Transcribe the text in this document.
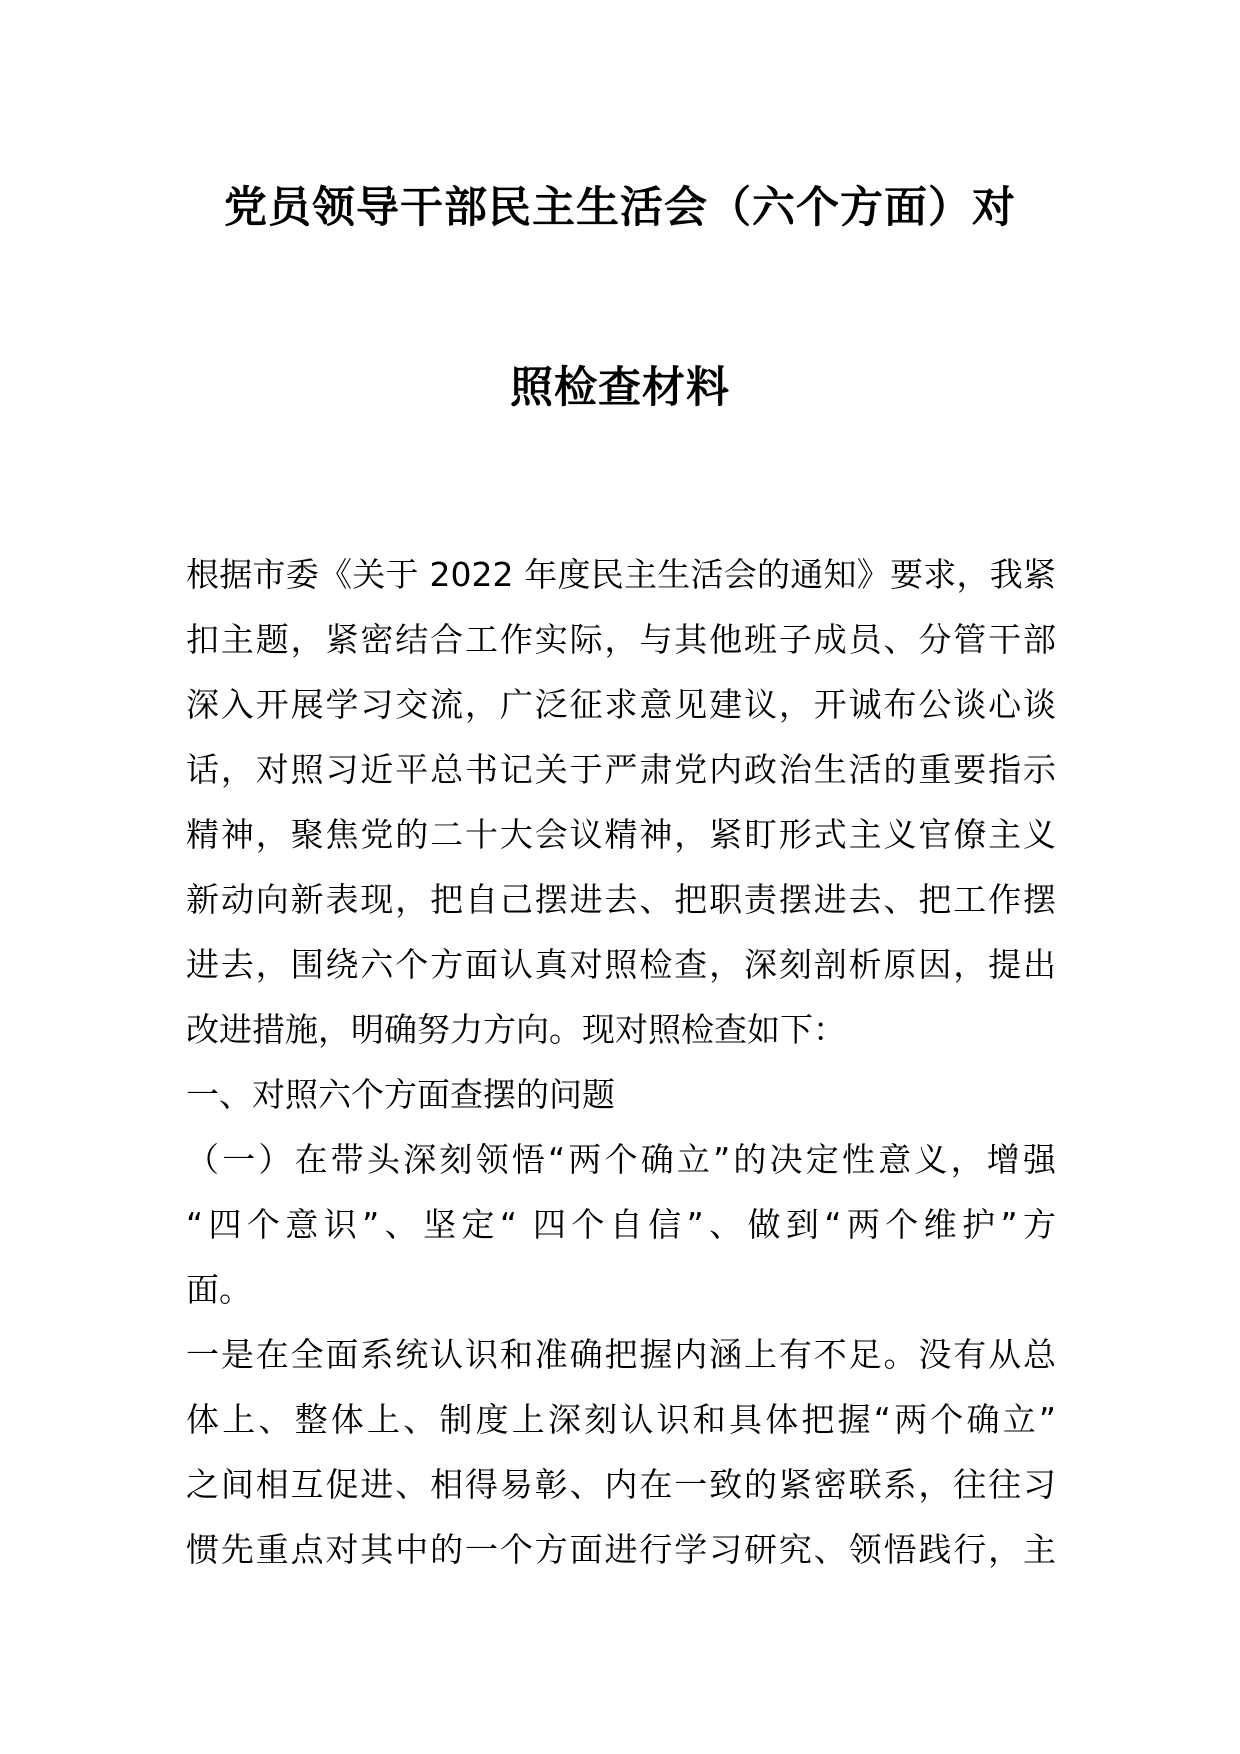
党员领导干部民主生活会（六个方面）对
照检查材料
根据市委《关于 2022 年度民主生活会的通知》要求，我紧
扣主题，紧密结合工作实际，与其他班子成员、分管干部
深入开展学习交流，广泛征求意见建议，开诚布公谈心谈
话，对照习近平总书记关于严肃党内政治生活的重要指示
精神，聚焦党的二十大会议精神，紧盯形式主义官僚主义
新动向新表现，把自己摆进去、把职责摆进去、把工作摆
进去，围绕六个方面认真对照检查，深刻剖析原因，提出
改进措施，明确努力方向。现对照检查如下：
一、对照六个方面查摆的问题
（一）在带头深刻领悟“两个确立”的决定性意义，增强
“四个意识”、坚定“ 四个自信”、做到“两个维护”方
面。
一是在全面系统认识和准确把握内涵上有不足。没有从总
体上、整体上、制度上深刻认识和具体把握“两个确立”
之间相互促进、相得易彰、内在一致的紧密联系，往往习
惯先重点对其中的一个方面进行学习研究、领悟践行，主
